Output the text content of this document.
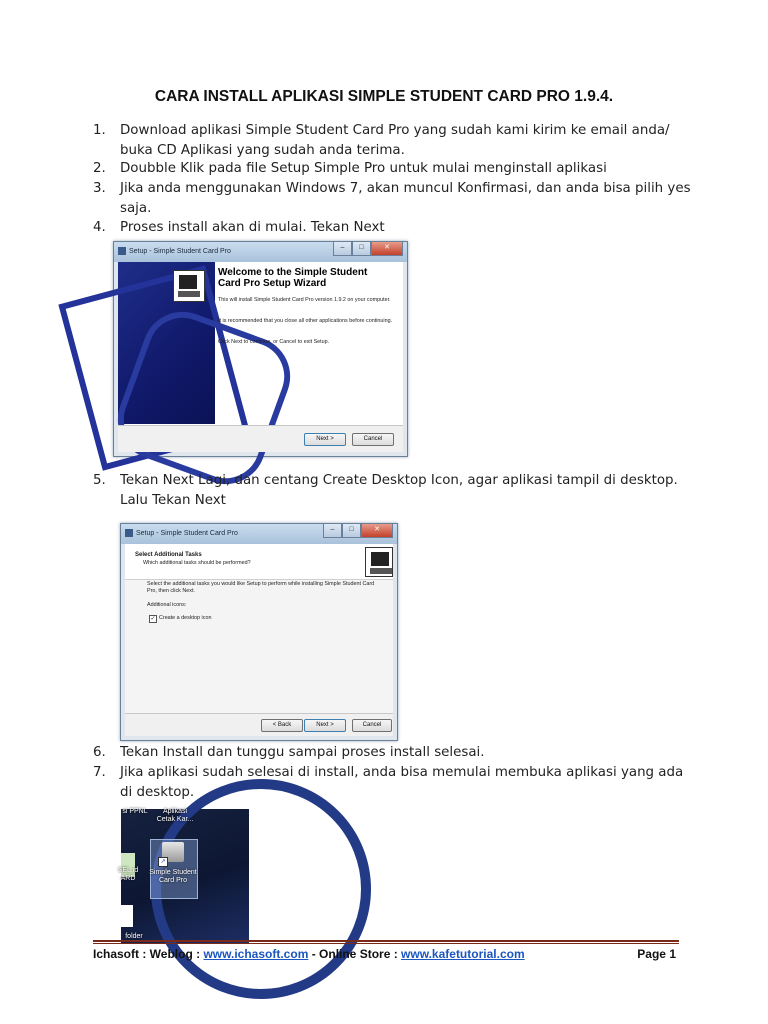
CARA INSTALL APLIKASI SIMPLE STUDENT CARD PRO 1.9.4.
1. Download aplikasi Simple Student Card Pro yang sudah kami kirim ke email anda/ buka CD Aplikasi yang sudah anda terima.
2. Doubble Klik pada file Setup Simple Pro untuk mulai menginstall aplikasi
3. Jika anda menggunakan Windows 7, akan muncul Konfirmasi, dan anda bisa pilih yes saja.
4. Proses install akan di mulai. Tekan Next
Setup - Simple Student Card Pro
–	□	✕
Welcome to the Simple Student
Card Pro Setup Wizard
This will install Simple Student Card Pro version 1.9.2 on your computer.
It is recommended that you close all other applications before continuing.
Click Next to continue, or Cancel to exit Setup.
Next >	Cancel
5. Tekan Next Lagi, dan centang Create Desktop Icon, agar aplikasi tampil di desktop. Lalu Tekan Next
Setup - Simple Student Card Pro
–	□	✕
Select Additional Tasks
Which additional tasks should be performed?
Select the additional tasks you would like Setup to perform while installing Simple Student Card Pro, then click Next.
Additional icons:
✓ Create a desktop icon
< Back	Next >	Cancel
6. Tekan Install dan tunggu sampai proses install selesai.
7. Jika aplikasi sudah selesai di install, anda bisa memulai membuka aplikasi yang ada di desktop.
si PPNL	Aplikasi Cetak Kar...
SEL.id ARD
↗
Simple Student Card Pro
folder
Ichasoft : Weblog : www.ichasoft.com - Online Store : www.kafetutorial.com	Page 1
